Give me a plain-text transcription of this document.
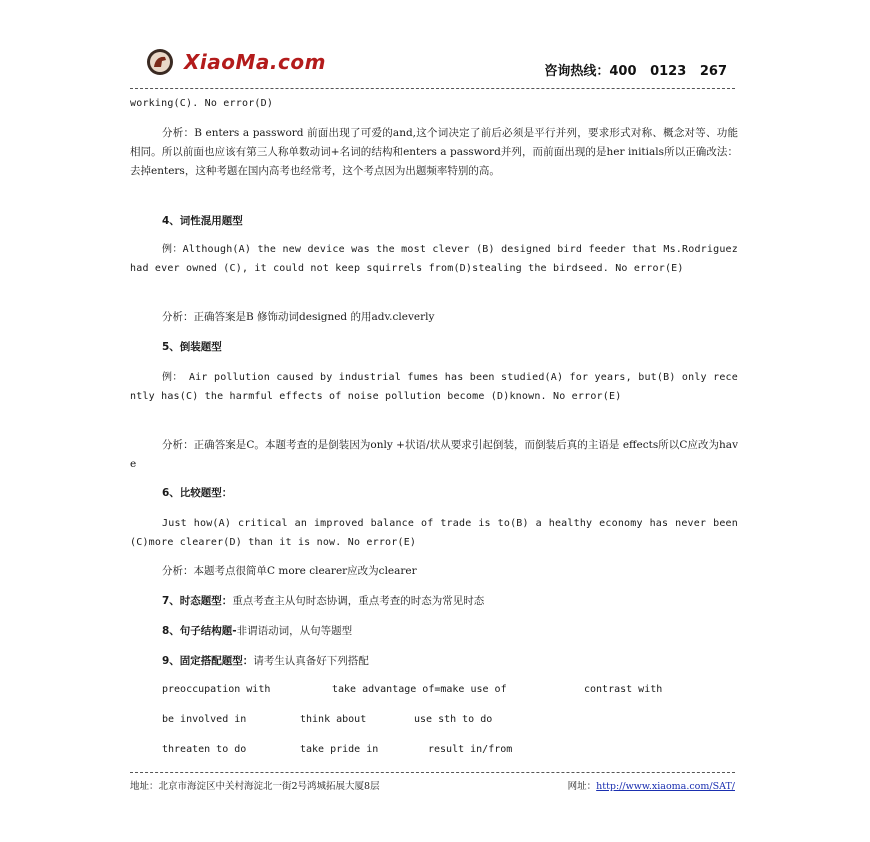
XiaoMa.com	咨询热线：400   0123   267

working(C). No error(D)

分析：B enters a password 前面出现了可爱的and,这个词决定了前后必须是平行并列，要求形式对称、概念对等、功能相同。所以前面也应该有第三人称单数动词+名词的结构和enters a password并列，而前面出现的是her initials所以正确改法：去掉enters，这种考题在国内高考也经常考，这个考点因为出题频率特别的高。

4、词性混用题型

例：Although(A) the new device was the most clever (B) designed bird feeder that Ms.Rodriguez had ever owned (C), it could not keep squirrels from(D)stealing the birdseed. No error(E)

分析：正确答案是B 修饰动词designed 的用adv.cleverly

5、倒装题型

例： Air pollution caused by industrial fumes has been studied(A) for years, but(B) only recently has(C) the harmful effects of noise pollution become (D)known. No error(E)

分析：正确答案是C。本题考查的是倒装因为only +状语/状从要求引起倒装，而倒装后真的主语是 effects所以C应改为have

6、比较题型：

Just how(A) critical an improved balance of trade is to(B) a healthy economy has never been (C)more clearer(D) than it is now. No error(E)

分析：本题考点很简单C more clearer应改为clearer

7、时态题型：重点考查主从句时态协调，重点考查的时态为常见时态

8、句子结构题-非谓语动词，从句等题型

9、固定搭配题型：请考生认真备好下列搭配

preoccupation with	take advantage of=make use of	contrast with
be involved in	think about	use sth to do
threaten to do	take pride in	result in/from
地址：北京市海淀区中关村海淀北一街2号鸿城拓展大厦8层	网址：http://www.xiaoma.com/SAT/
